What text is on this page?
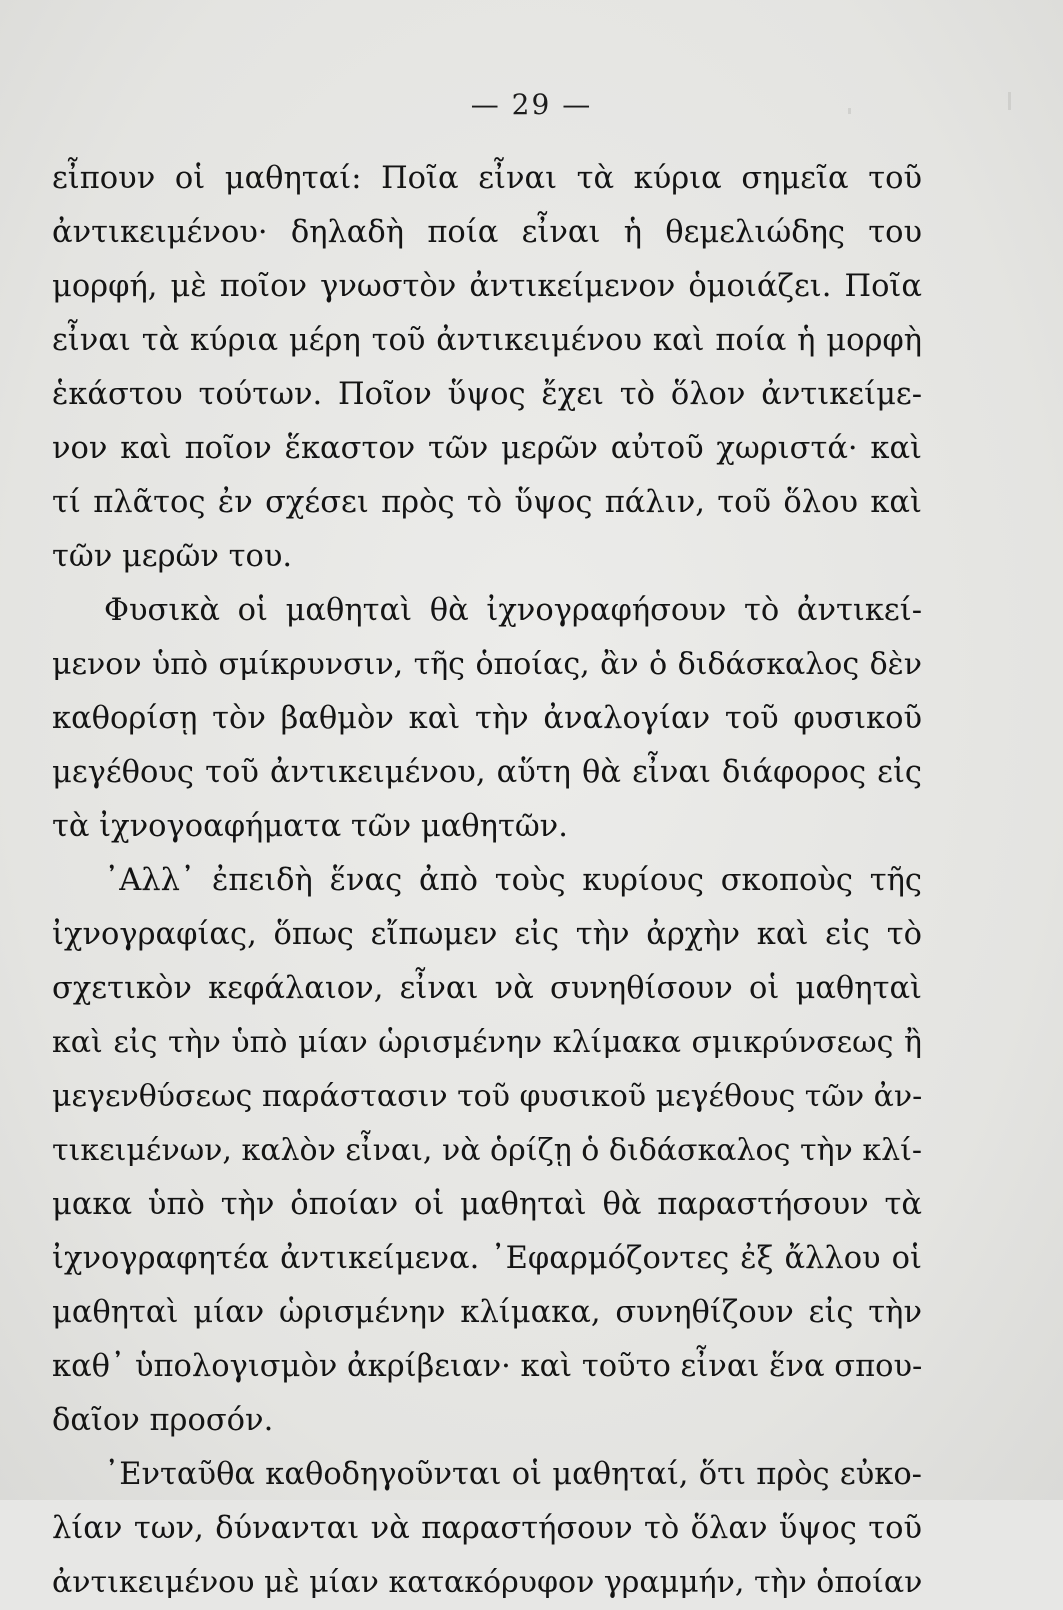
— 29 —
εἶπουν οἱ μαθηταί: Ποῖα εἶναι τὰ κύρια σημεῖα τοῦ
ἀντικειμένου· δηλαδὴ ποία εἶναι ἡ θεμελιώδης του
μορφή, μὲ ποῖον γνωστὸν ἀντικείμενον ὁμοιάζει. Ποῖα
εἶναι τὰ κύρια μέρη τοῦ ἀντικειμένου καὶ ποία ἡ μορφὴ
ἑκάστου τούτων. Ποῖον ὕψος ἔχει τὸ ὅλον ἀντικείμε-
νον καὶ ποῖον ἕκαστον τῶν μερῶν αὐτοῦ χωριστά· καὶ
τί πλᾶτος ἐν σχέσει πρὸς τὸ ὕψος πάλιν, τοῦ ὅλου καὶ
τῶν μερῶν του.
Φυσικὰ οἱ μαθηταὶ θὰ ἰχνογραφήσουν τὸ ἀντικεί-
μενον ὑπὸ σμίκρυνσιν, τῆς ὁποίας, ἂν ὁ διδάσκαλος δὲν
καθορίσῃ τὸν βαθμὸν καὶ τὴν ἀναλογίαν τοῦ φυσικοῦ
μεγέθους τοῦ ἀντικειμένου, αὕτη θὰ εἶναι διάφορος εἰς
τὰ ἰχνογοαφήματα τῶν μαθητῶν.
᾿Αλλ᾿ ἐπειδὴ ἕνας ἀπὸ τοὺς κυρίους σκοποὺς τῆς
ἰχνογραφίας, ὅπως εἴπωμεν εἰς τὴν ἀρχὴν καὶ εἰς τὸ
σχετικὸν κεφάλαιον, εἶναι νὰ συνηθίσουν οἱ μαθηταὶ
καὶ εἰς τὴν ὑπὸ μίαν ὡρισμένην κλίμακα σμικρύνσεως ἢ
μεγενθύσεως παράστασιν τοῦ φυσικοῦ μεγέθους τῶν ἀν-
τικειμένων, καλὸν εἶναι, νὰ ὁρίζῃ ὁ διδάσκαλος τὴν κλί-
μακα ὑπὸ τὴν ὁποίαν οἱ μαθηταὶ θὰ παραστήσουν τὰ
ἰχνογραφητέα ἀντικείμενα. ᾿Εφαρμόζοντες ἐξ ἄλλου οἱ
μαθηταὶ μίαν ὡρισμένην κλίμακα, συνηθίζουν εἰς τὴν
καθ᾿ ὑπολογισμὸν ἀκρίβειαν· καὶ τοῦτο εἶναι ἕνα σπου-
δαῖον προσόν.
᾿Ενταῦθα καθοδηγοῦνται οἱ μαθηταί, ὅτι πρὸς εὐκο-
λίαν των, δύνανται νὰ παραστήσουν τὸ ὅλαν ὕψος τοῦ
ἀντικειμένου μὲ μίαν κατακόρυφον γραμμήν, τὴν ὁποίαν
